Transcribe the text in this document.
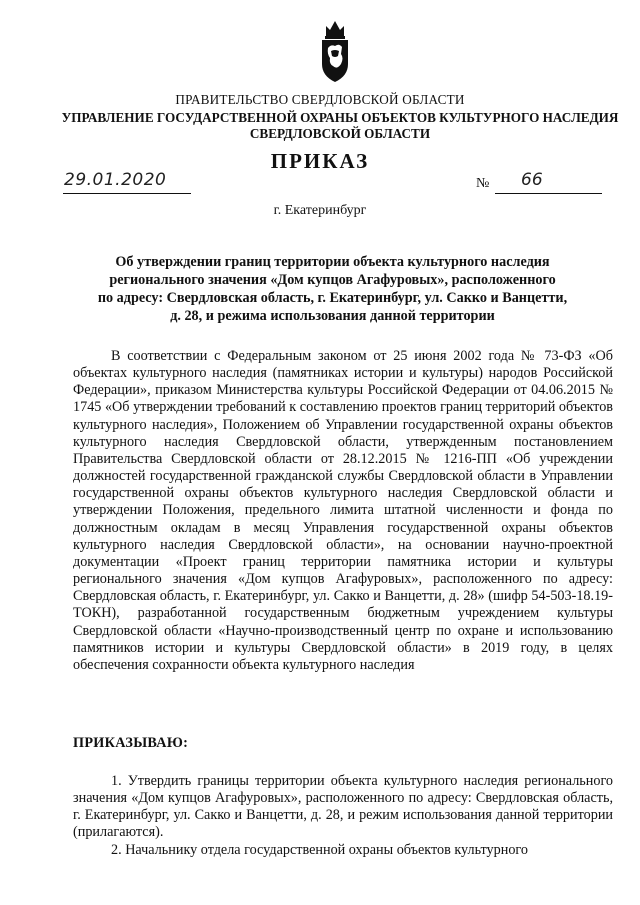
ПРАВИТЕЛЬСТВО СВЕРДЛОВСКОЙ ОБЛАСТИ
УПРАВЛЕНИЕ ГОСУДАРСТВЕННОЙ ОХРАНЫ ОБЪЕКТОВ КУЛЬТУРНОГО НАСЛЕДИЯ
СВЕРДЛОВСКОЙ ОБЛАСТИ
ПРИКАЗ
29.01.2020	№ 66
г. Екатеринбург
Об утверждении границ территории объекта культурного наследия
регионального значения «Дом купцов Агафуровых», расположенного
по адресу: Свердловская область, г. Екатеринбург, ул. Сакко и Ванцетти,
д. 28, и режима использования данной территории

В соответствии с Федеральным законом от 25 июня 2002 года № 73-ФЗ «Об объектах культурного наследия (памятниках истории и культуры) народов Российской Федерации», приказом Министерства культуры Российской Федерации от 04.06.2015 № 1745 «Об утверждении требований к составлению проектов границ территорий объектов культурного наследия», Положением об Управлении государственной охраны объектов культурного наследия Свердловской области, утвержденным постановлением Правительства Свердловской области от 28.12.2015 № 1216-ПП «Об учреждении должностей государственной гражданской службы Свердловской области в Управлении государственной охраны объектов культурного наследия Свердловской области и утверждении Положения, предельного лимита штатной численности и фонда по должностным окладам в месяц Управления государственной охраны объектов культурного наследия Свердловской области», на основании научно-проектной документации «Проект границ территории памятника истории и культуры регионального значения «Дом купцов Агафуровых», расположенного по адресу: Свердловская область, г. Екатеринбург, ул. Сакко и Ванцетти, д. 28» (шифр 54-503-18.19-ТОКН), разработанной государственным бюджетным учреждением культуры Свердловской области «Научно-производственный центр по охране и использованию памятников истории и культуры Свердловской области» в 2019 году, в целях обеспечения сохранности объекта культурного наследия

ПРИКАЗЫВАЮ:

1. Утвердить границы территории объекта культурного наследия регионального значения «Дом купцов Агафуровых», расположенного по адресу: Свердловская область, г. Екатеринбург, ул. Сакко и Ванцетти, д. 28, и режим использования данной территории (прилагаются).

2. Начальнику отдела государственной охраны объектов культурного
